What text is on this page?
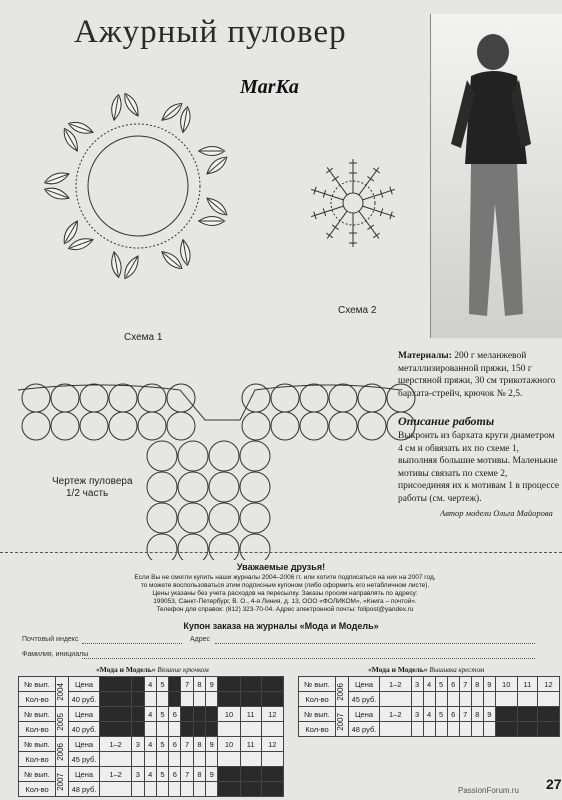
Ажурный пуловер
MarKa
Схема 1
Схема 2
Чертеж пуловера
1/2 часть
Материалы: 200 г меланжевой металлизированной пряжи, 150 г шерстяной пряжи, 30 см трикотажного бархата-стрейч, крючок № 2,5.
Описание работы
Выкроить из бархата круги диаметром 4 см и обвязать их по схеме 1, выполняя большие мотивы. Маленькие мотивы связать по схеме 2, присоединяя их к мотивам 1 в процессе работы (см. чертеж).
Автор модели Ольга Майорова
Уважаемые друзья!
Если Вы не смогли купить наши журналы 2004–2006 гг. или хотите подписаться на них на 2007 год,
то можете воспользоваться этим подписным купоном (либо оформить его нетабличном листе).
Цены указаны без учета расходов на пересылку. Заказы просим направлять по адресу:
199053, Санкт-Петербург, В. О., 4-я Линия, д. 13, ООО «ФОЛИКОМ», «Книга – почтой».
Телефон для справок: (812) 323-70-04. Адрес электронной почты: folipost@yandex.ru
Купон заказа на журналы «Мода и Модель»
Почтовый индекс	Адрес
Фамилия, инициалы
«Мода и Модель» Вязание крючком
№ вып.	2004	Цена			4	5		7	8	9			
Кол-во		40 руб.											
№ вып.	2005	Цена			4	5	6				10	11	12
Кол-во		40 руб.											
№ вып.	2006	Цена	1–2	3	4	5	6	7	8	9	10	11	12
Кол-во		45 руб.											
№ вып.	2007	Цена	1–2	3	4	5	6	7	8	9			
Кол-во		48 руб.											
«Мода и Модель» Вышивка крестом
№ вып.	2006	Цена	1–2	3	4	5	6	7	8	9	10	11	12
Кол-во		45 руб.											
№ вып.	2007	Цена	1–2	3	4	5	6	7	8	9			
Кол-во		48 руб.											
27
PassionForum.ru
